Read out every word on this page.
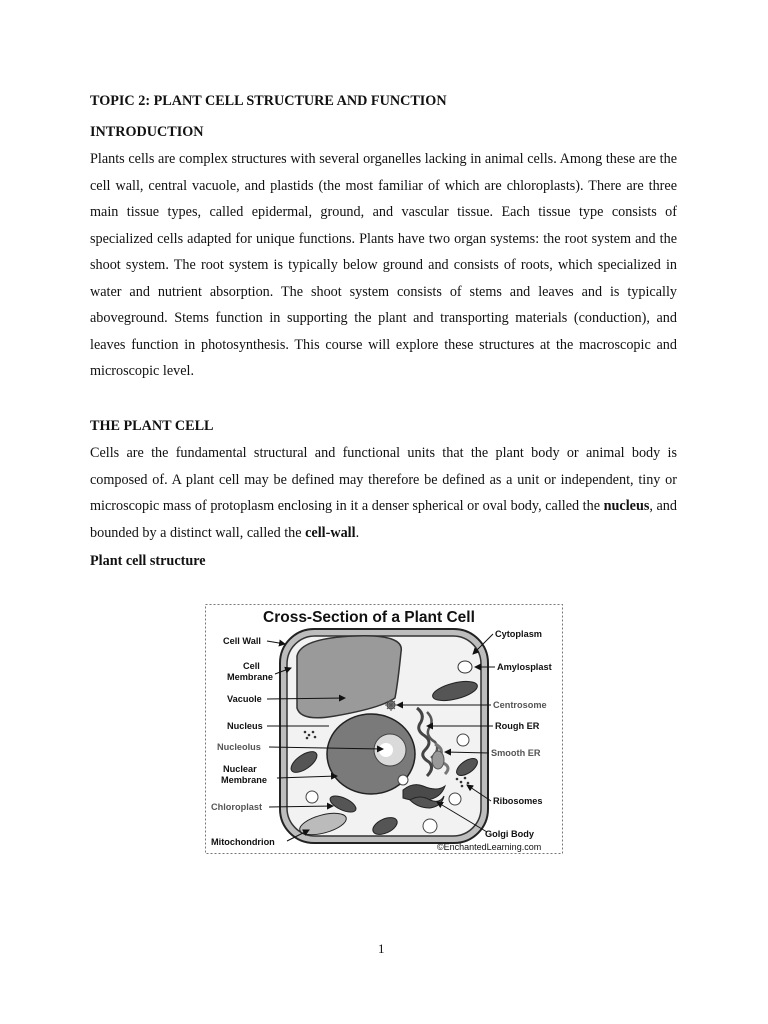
TOPIC 2: PLANT CELL STRUCTURE AND FUNCTION
INTRODUCTION

Plants cells are complex structures with several organelles lacking in animal cells. Among these are the cell wall, central vacuole, and plastids (the most familiar of which are chloroplasts). There are three main tissue types, called epidermal, ground, and vascular tissue. Each tissue type consists of specialized cells adapted for unique functions. Plants have two organ systems: the root system and the shoot system. The root system is typically below ground and consists of roots, which specialized in water and nutrient absorption. The shoot system consists of stems and leaves and is typically aboveground. Stems function in supporting the plant and transporting materials (conduction), and leaves function in photosynthesis. This course will explore these structures at the macroscopic and microscopic level.

THE PLANT CELL

Cells are the fundamental structural and functional units that the plant body or animal body is composed of. A plant cell may be defined may therefore be defined as a unit or independent, tiny or microscopic mass of protoplasm enclosing in it a denser spherical or oval body, called the nucleus, and bounded by a distinct wall, called the cell-wall.

Plant cell structure
Cross-Section of a Plant Cell
Cell Wall
Cell
Membrane
Vacuole
Nucleus
Nucleolus
Nuclear
Membrane
Chloroplast
Mitochondrion
Cytoplasm
Amylosplast
Centrosome
Rough ER
Smooth ER
Ribosomes
Golgi Body
©EnchantedLearning.com
1
